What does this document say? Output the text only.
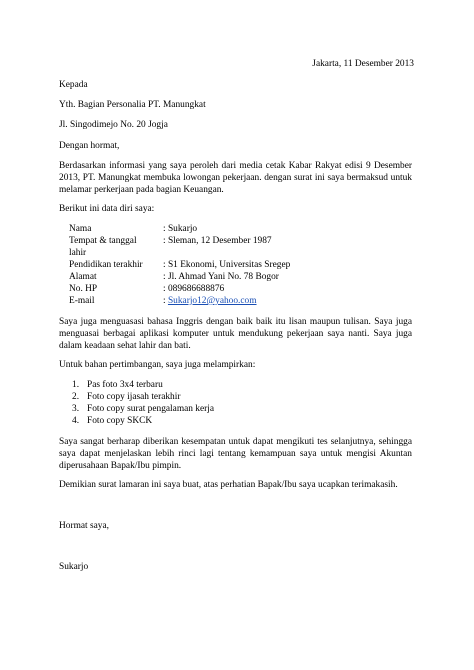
Jakarta, 11 Desember 2013
Kepada
Yth. Bagian Personalia PT. Manungkat
Jl. Singodimejo No. 20 Jogja
Dengan hormat,
Berdasarkan informasi yang saya peroleh dari media cetak Kabar Rakyat edisi 9 Desember
2013, PT. Manungkat membuka lowongan pekerjaan. dengan surat ini saya bermaksud untuk
melamar perkerjaan pada bagian Keuangan.
Berikut ini data diri saya:
Nama	: Sukarjo
Tempat & tanggal	: Sleman, 12 Desember 1987
lahir
Pendidikan terakhir : S1 Ekonomi, Universitas Sregep
Alamat	: Jl. Ahmad Yani No. 78 Bogor
No. HP	: 089686688876
E-mail	: Sukarjo12@yahoo.com
Saya juga menguasasi bahasa Inggris dengan baik baik itu lisan maupun tulisan. Saya juga
menguasai berbagai aplikasi komputer untuk mendukung pekerjaan saya nanti. Saya juga
dalam keadaan sehat lahir dan bati.
Untuk bahan pertimbangan, saya juga melampirkan:
1. Pas foto 3x4 terbaru
2. Foto copy ijasah terakhir
3. Foto copy surat pengalaman kerja
4. Foto copy SKCK
Saya sangat berharap diberikan kesempatan untuk dapat mengikuti tes selanjutnya, sehingga
saya dapat menjelaskan lebih rinci lagi tentang kemampuan saya untuk mengisi Akuntan
diperusahaan Bapak/Ibu pimpin.
Demikian surat lamaran ini saya buat, atas perhatian Bapak/Ibu saya ucapkan terimakasih.
Hormat saya,
Sukarjo
